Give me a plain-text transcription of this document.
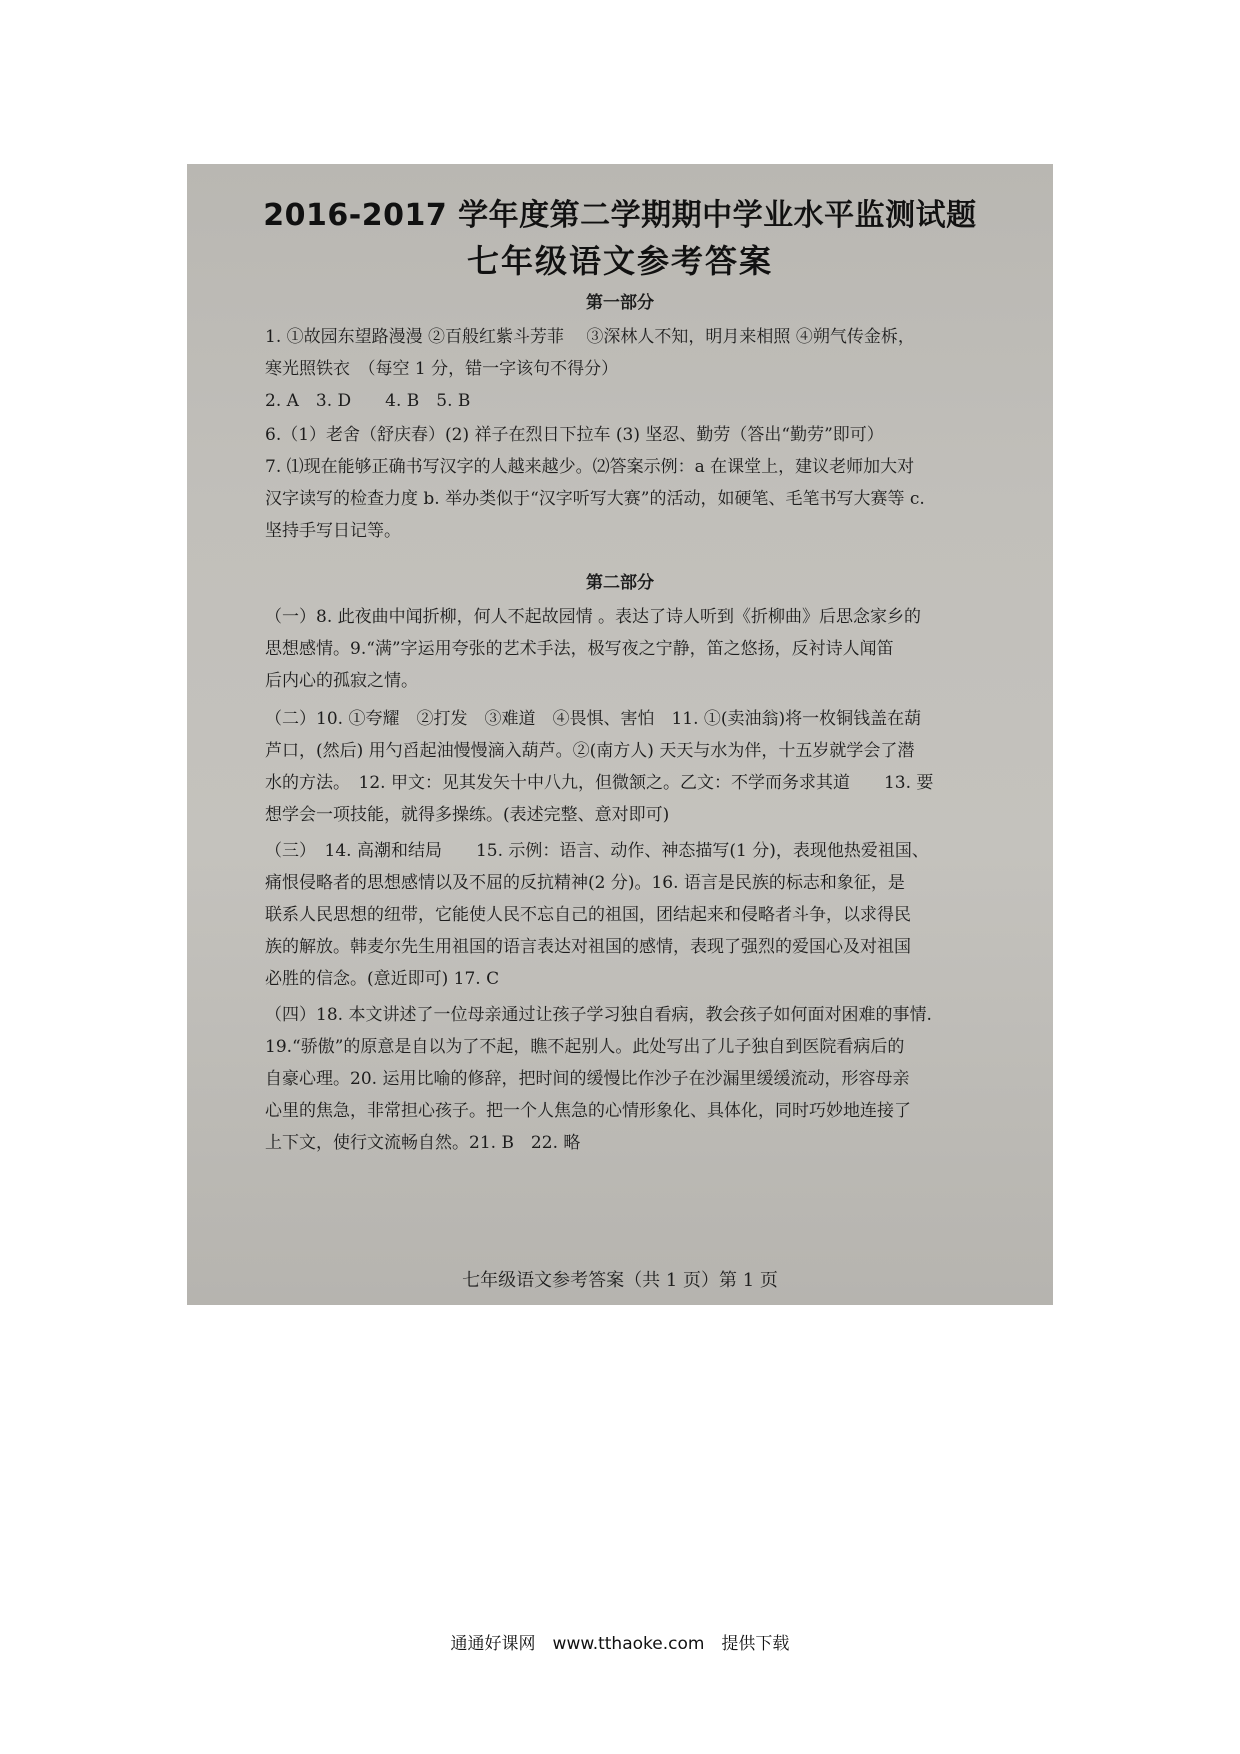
2016-2017 学年度第二学期期中学业水平监测试题
七年级语文参考答案
第一部分
1. ①故园东望路漫漫 ②百般红紫斗芳菲　 ③深林人不知，明月来相照 ④朔气传金柝，
寒光照铁衣　（每空 1 分，错一字该句不得分）
2. A　3. D　　4. B　5. B
6.（1）老舍（舒庆春）(2) 祥子在烈日下拉车 (3) 坚忍、勤劳（答出“勤劳”即可）
7. ⑴现在能够正确书写汉字的人越来越少。⑵答案示例：a 在课堂上，建议老师加大对
汉字读写的检查力度 b. 举办类似于“汉字听写大赛”的活动，如硬笔、毛笔书写大赛等 c.
坚持手写日记等。
第二部分
（一）8. 此夜曲中闻折柳，何人不起故园情 。表达了诗人听到《折柳曲》后思念家乡的
思想感情。9.“满”字运用夸张的艺术手法，极写夜之宁静，笛之悠扬，反衬诗人闻笛
后内心的孤寂之情。
（二）10. ①夸耀　②打发　③难道　④畏惧、害怕　11. ①(卖油翁)将一枚铜钱盖在葫
芦口，(然后) 用勺舀起油慢慢滴入葫芦。②(南方人) 天天与水为伴，十五岁就学会了潜
水的方法。　12. 甲文：见其发矢十中八九，但微颔之。乙文：不学而务求其道　　13. 要
想学会一项技能，就得多操练。(表述完整、意对即可)
（三）　14. 高潮和结局　　15. 示例：语言、动作、神态描写(1 分)，表现他热爱祖国、
痛恨侵略者的思想感情以及不屈的反抗精神(2 分)。16. 语言是民族的标志和象征，是
联系人民思想的纽带，它能使人民不忘自己的祖国，团结起来和侵略者斗争，以求得民
族的解放。韩麦尔先生用祖国的语言表达对祖国的感情，表现了强烈的爱国心及对祖国
必胜的信念。(意近即可) 17. C
（四）18. 本文讲述了一位母亲通过让孩子学习独自看病，教会孩子如何面对困难的事情.
19.“骄傲”的原意是自以为了不起，瞧不起别人。此处写出了儿子独自到医院看病后的
自豪心理。20. 运用比喻的修辞，把时间的缓慢比作沙子在沙漏里缓缓流动，形容母亲
心里的焦急，非常担心孩子。把一个人焦急的心情形象化、具体化，同时巧妙地连接了
上下文，使行文流畅自然。21. B　22. 略
七年级语文参考答案（共 1 页）第 1 页
通通好课网　www.tthaoke.com　提供下载
